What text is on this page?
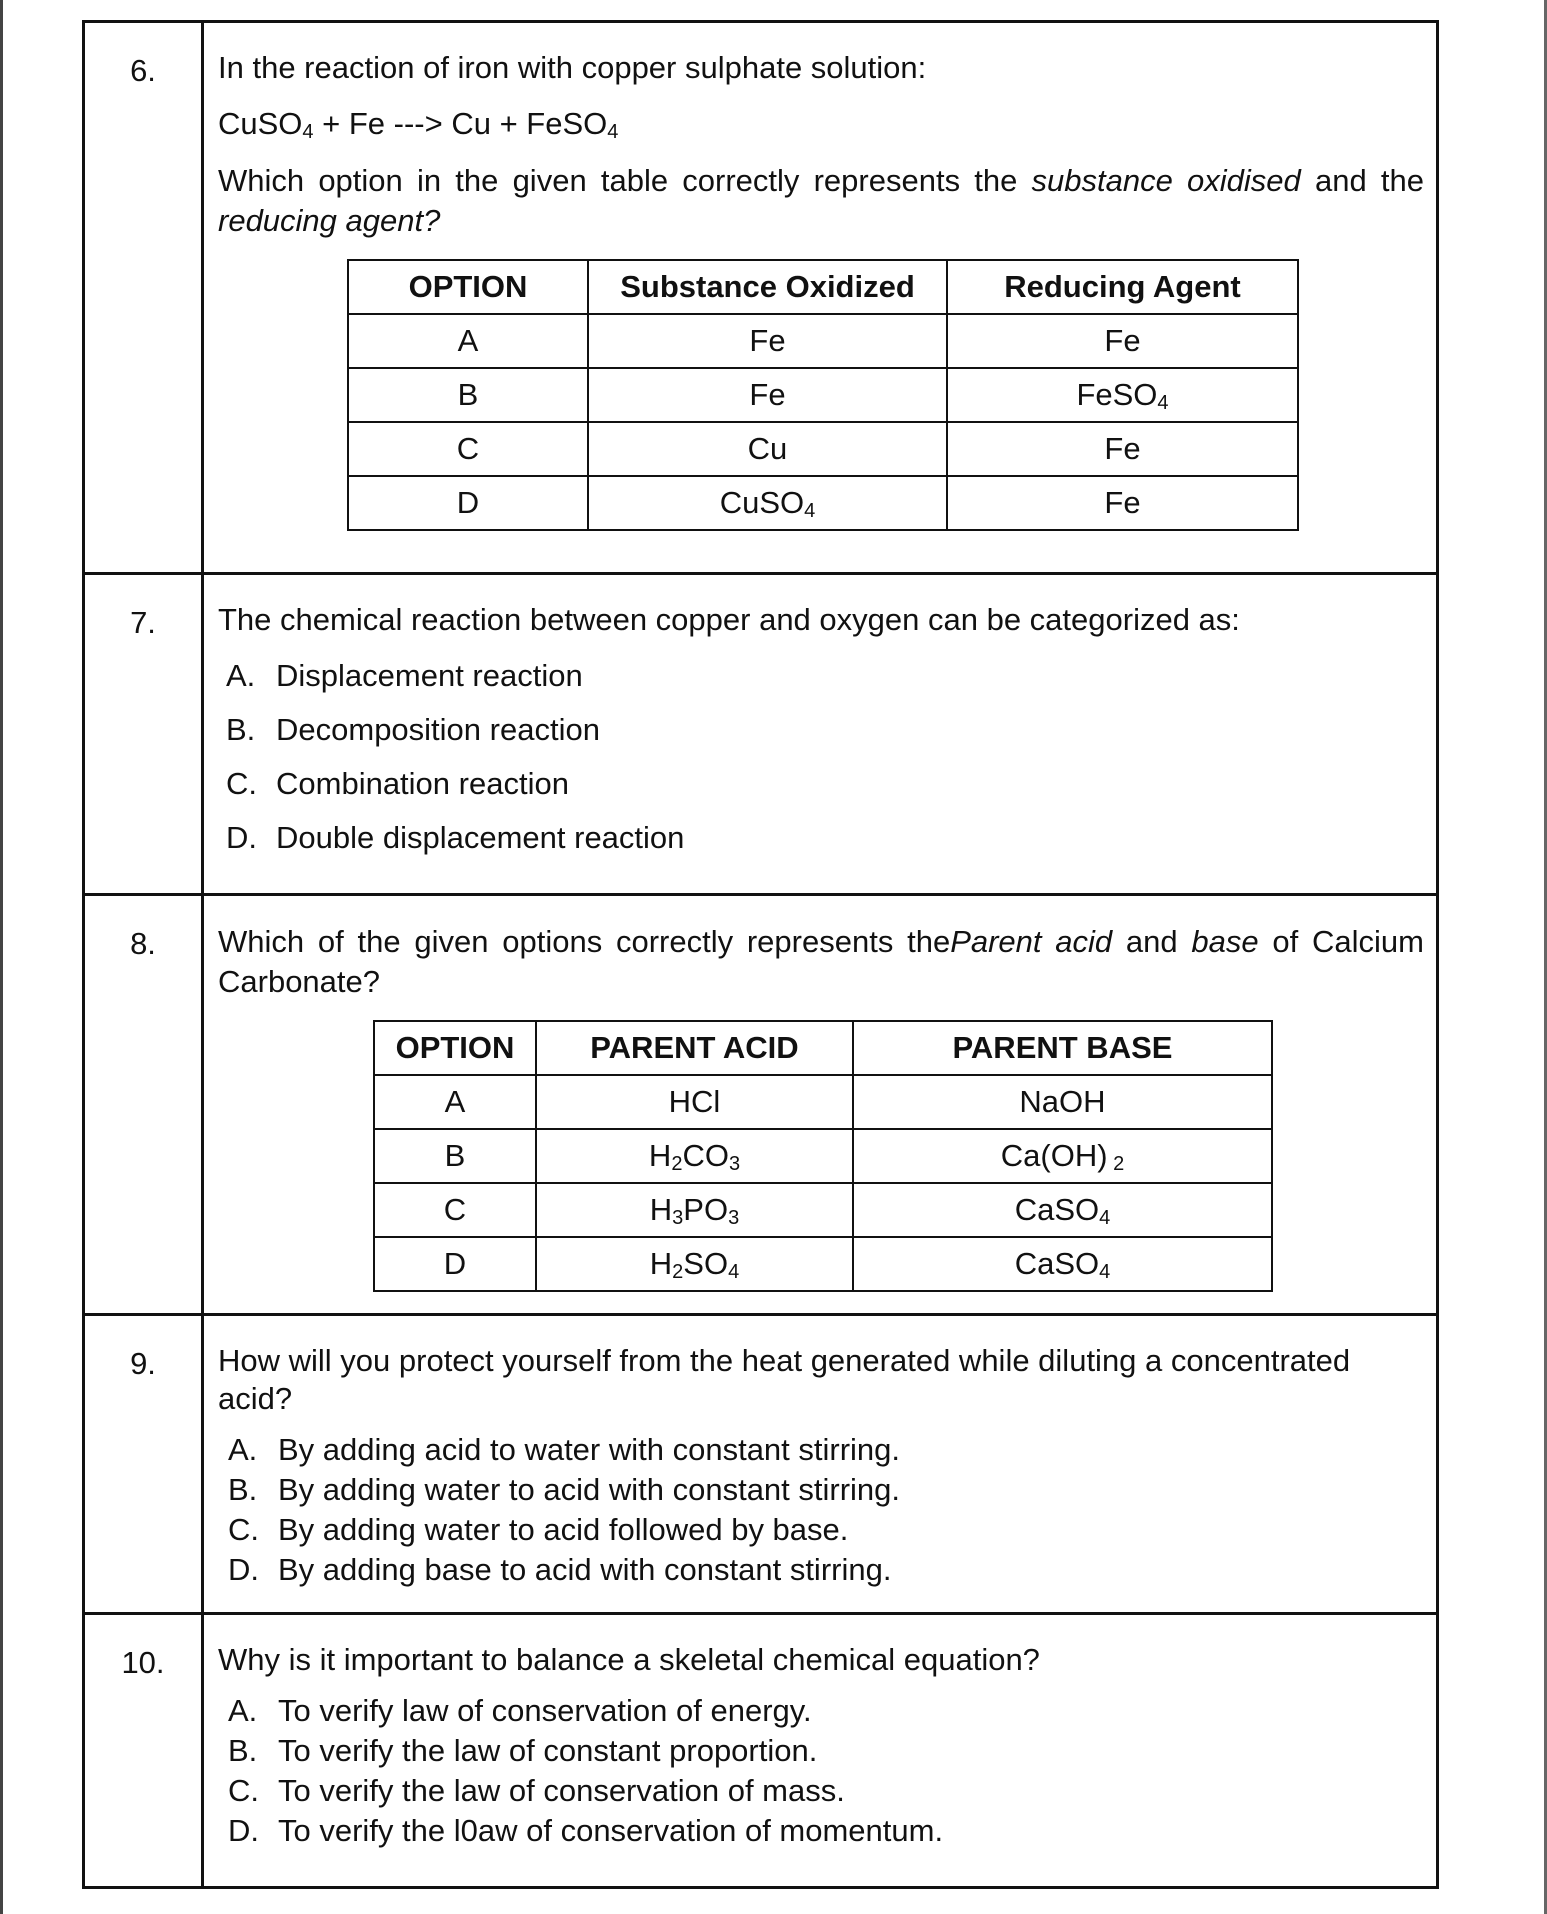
6.	In the reaction of iron with copper sulphate solution:
CuSO$_4$ + Fe ---> Cu + FeSO$_4$
Which option in the given table correctly represents the substance oxidised and the reducing agent?
OPTION	Substance Oxidized	Reducing Agent
A	Fe	Fe
B	Fe	FeSO$_4$
C	Cu	Fe
D	CuSO$_4$	Fe

7.	The chemical reaction between copper and oxygen can be categorized as:
A. Displacement reaction
B. Decomposition reaction
C. Combination reaction
D. Double displacement reaction

8.	Which of the given options correctly represents theParent acid and base of Calcium Carbonate?
OPTION	PARENT ACID	PARENT BASE
A	HCl	NaOH
B	$H_2CO_3$	Ca(OH) $_2$
C	$H_3PO_3$	CaSO$_4$
D	$H_2SO_4$	CaSO$_4$

9.	How will you protect yourself from the heat generated while diluting a concentrated acid?
A. By adding acid to water with constant stirring.
B. By adding water to acid with constant stirring.
C. By adding water to acid followed by base.
D. By adding base to acid with constant stirring.

10.	Why is it important to balance a skeletal chemical equation?
A. To verify law of conservation of energy.
B. To verify the law of constant proportion.
C. To verify the law of conservation of mass.
D. To verify the l0aw of conservation of momentum.
